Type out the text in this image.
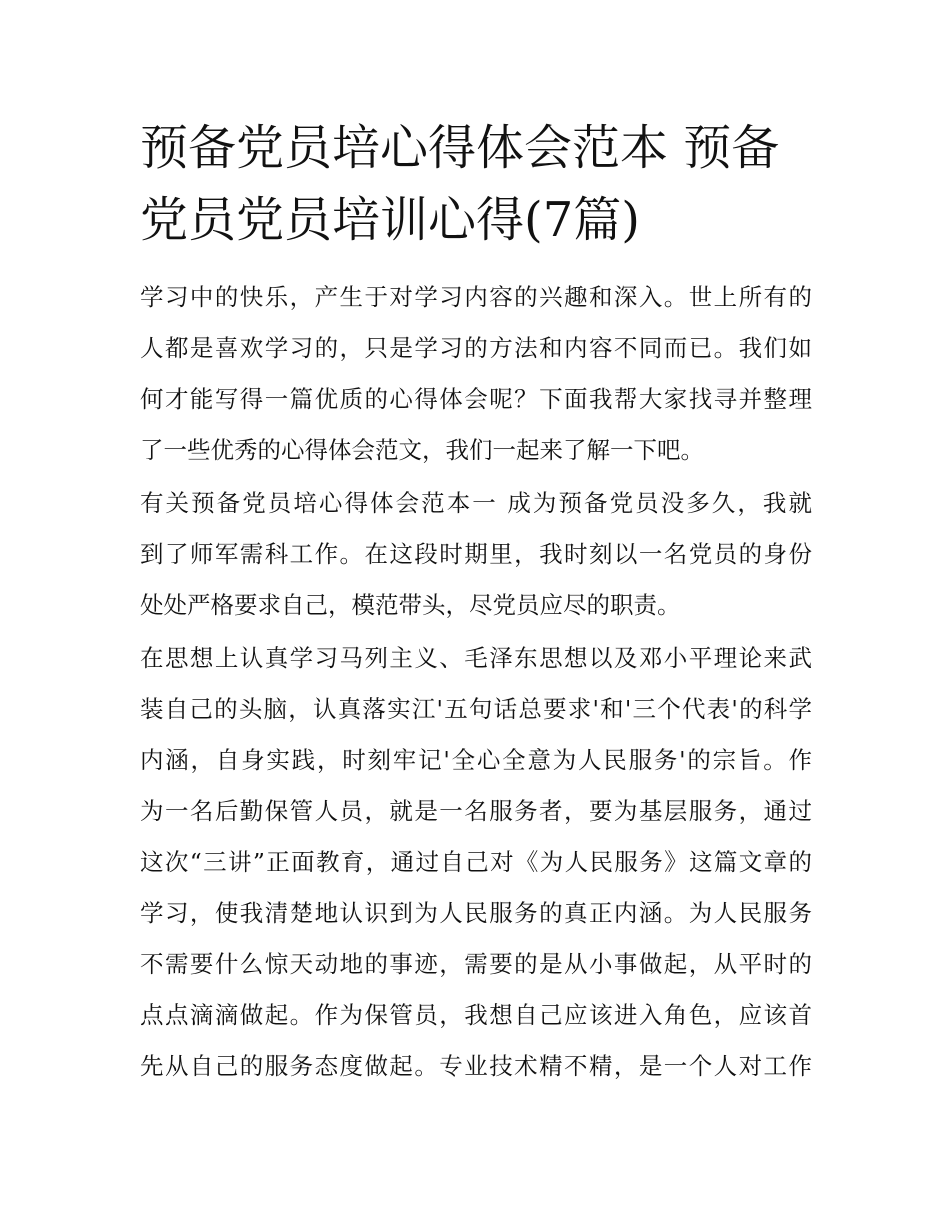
预备党员培心得体会范本 预备
党员党员培训心得(7篇)

学习中的快乐，产生于对学习内容的兴趣和深入。世上所有的
人都是喜欢学习的，只是学习的方法和内容不同而已。我们如
何才能写得一篇优质的心得体会呢？下面我帮大家找寻并整理
了一些优秀的心得体会范文，我们一起来了解一下吧。

有关预备党员培心得体会范本一 成为预备党员没多久，我就
到了师军需科工作。在这段时期里，我时刻以一名党员的身份
处处严格要求自己，模范带头，尽党员应尽的职责。

在思想上认真学习马列主义、毛泽东思想以及邓小平理论来武
装自己的头脑，认真落实江'五句话总要求'和'三个代表'的科学
内涵，自身实践，时刻牢记'全心全意为人民服务'的宗旨。作
为一名后勤保管人员，就是一名服务者，要为基层服务，通过
这次“三讲”正面教育，通过自己对《为人民服务》这篇文章的
学习，使我清楚地认识到为人民服务的真正内涵。为人民服务
不需要什么惊天动地的事迹，需要的是从小事做起，从平时的
点点滴滴做起。作为保管员，我想自己应该进入角色，应该首
先从自己的服务态度做起。专业技术精不精，是一个人对工作
